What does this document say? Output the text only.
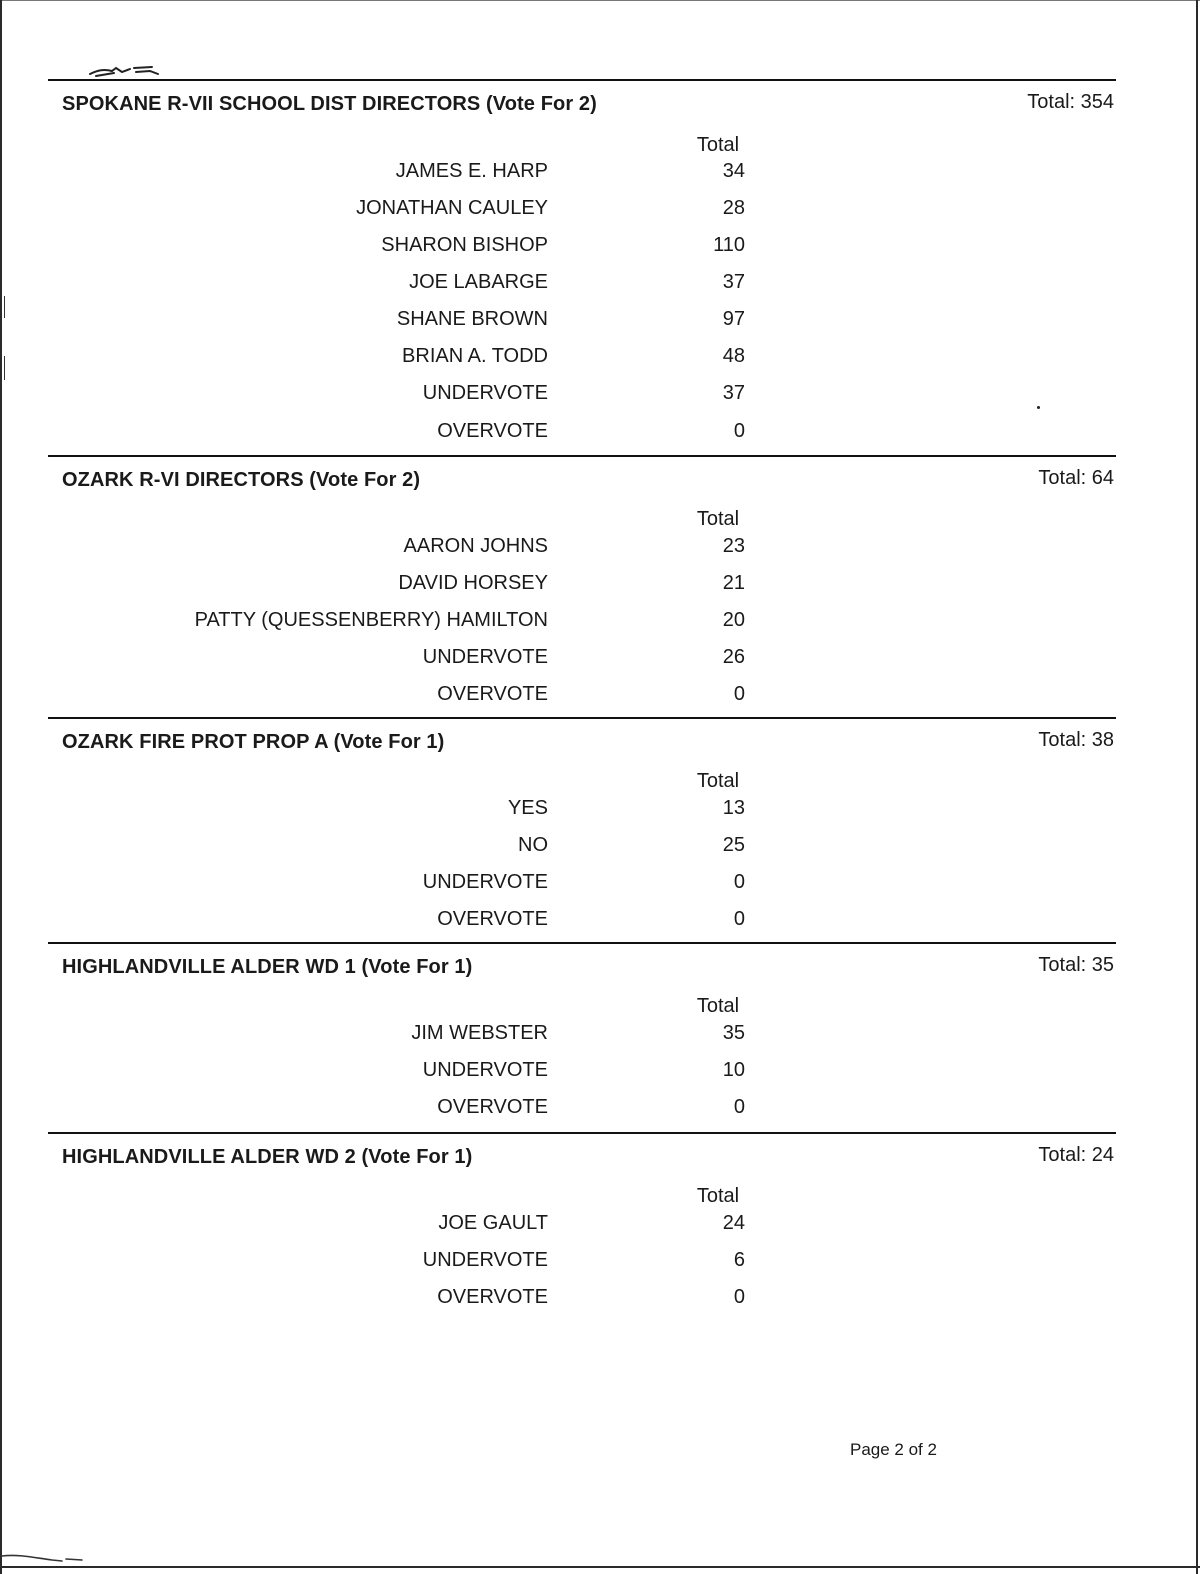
SPOKANE R-VII SCHOOL DIST DIRECTORS (Vote For 2)	Total: 354
Total
JAMES E. HARP	34
JONATHAN CAULEY	28
SHARON BISHOP	110
JOE LABARGE	37
SHANE BROWN	97
BRIAN A. TODD	48
UNDERVOTE	37
OVERVOTE	0
OZARK R-VI DIRECTORS (Vote For 2)	Total: 64
Total
AARON JOHNS	23
DAVID HORSEY	21
PATTY (QUESSENBERRY) HAMILTON	20
UNDERVOTE	26
OVERVOTE	0
OZARK FIRE PROT PROP A (Vote For 1)	Total: 38
Total
YES	13
NO	25
UNDERVOTE	0
OVERVOTE	0
HIGHLANDVILLE ALDER WD 1 (Vote For 1)	Total: 35
Total
JIM WEBSTER	35
UNDERVOTE	10
OVERVOTE	0
HIGHLANDVILLE ALDER WD 2 (Vote For 1)	Total: 24
Total
JOE GAULT	24
UNDERVOTE	6
OVERVOTE	0
Page 2 of 2
